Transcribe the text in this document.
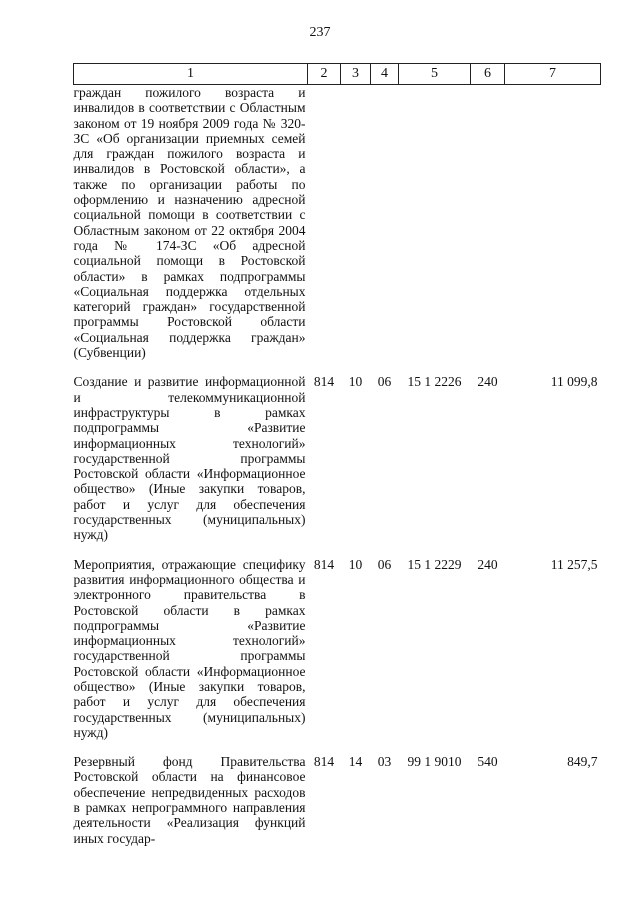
237
1	2	3	4	5	6	7
граждан пожилого возраста и инвалидов в соответствии с Областным законом от 19 ноября 2009 года № 320-ЗС «Об организации приемных семей для граждан пожилого возраста и инвалидов в Ростовской области», а также по организации работы по оформлению и назначению адресной социальной помощи в соответствии с Областным законом от 22 октября 2004 года № 174-ЗС «Об адресной социальной помощи в Ростовской области» в рамках подпрограммы «Социальная поддержка отдельных категорий граждан» государственной программы Ростовской области «Социальная поддержка граждан» (Субвенции)						
Создание и развитие информационной и телекоммуникационной инфраструктуры в рамках подпрограммы «Развитие информационных технологий» государственной программы Ростовской области «Информационное общество» (Иные закупки товаров, работ и услуг для обеспечения государственных (муниципальных) нужд)	814	10	06	15 1 2226	240	11 099,8
Мероприятия, отражающие специфику развития информационного общества и электронного правительства в Ростовской области в рамках подпрограммы «Развитие информационных технологий» государственной программы Ростовской области «Информационное общество» (Иные закупки товаров, работ и услуг для обеспечения государственных (муниципальных) нужд)	814	10	06	15 1 2229	240	11 257,5
Резервный фонд Правительства Ростовской области на финансовое обеспечение непредвиденных расходов в рамках непрограммного направления деятельности «Реализация функций иных государ-	814	14	03	99 1 9010	540	849,7
